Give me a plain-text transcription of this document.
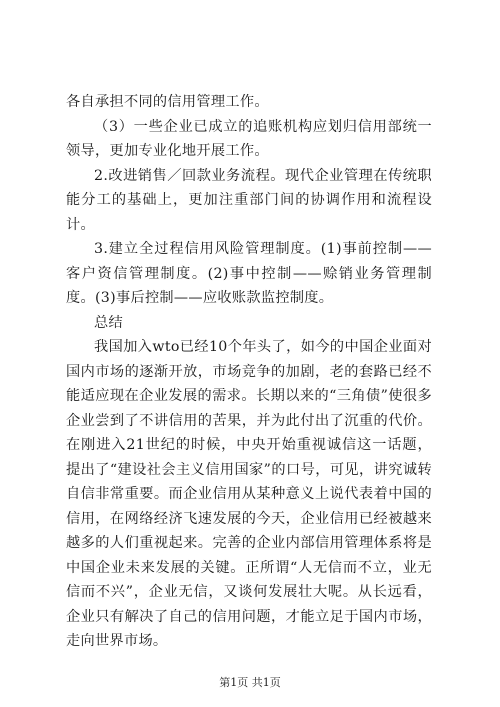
各自承担不同的信用管理工作。

（3）一些企业已成立的追账机构应划归信用部统一领导，更加专业化地开展工作。

2.改进销售／回款业务流程。现代企业管理在传统职能分工的基础上，更加注重部门间的协调作用和流程设计。

3.建立全过程信用风险管理制度。(1)事前控制——客户资信管理制度。(2)事中控制——赊销业务管理制度。(3)事后控制——应收账款监控制度。

总结

我国加入wto已经10个年头了，如今的中国企业面对国内市场的逐渐开放，市场竞争的加剧，老的套路已经不能适应现在企业发展的需求。长期以来的“三角债”使很多企业尝到了不讲信用的苦果，并为此付出了沉重的代价。在刚进入21世纪的时候，中央开始重视诚信这一话题，提出了“建设社会主义信用国家”的口号，可见，讲究诚转自信非常重要。而企业信用从某种意义上说代表着中国的信用，在网络经济飞速发展的今天，企业信用已经被越来越多的人们重视起来。完善的企业内部信用管理体系将是中国企业未来发展的关键。正所谓“人无信而不立，业无信而不兴”，企业无信，又谈何发展壮大呢。从长远看，企业只有解决了自己的信用问题，才能立足于国内市场，走向世界市场。

第1页 共1页
